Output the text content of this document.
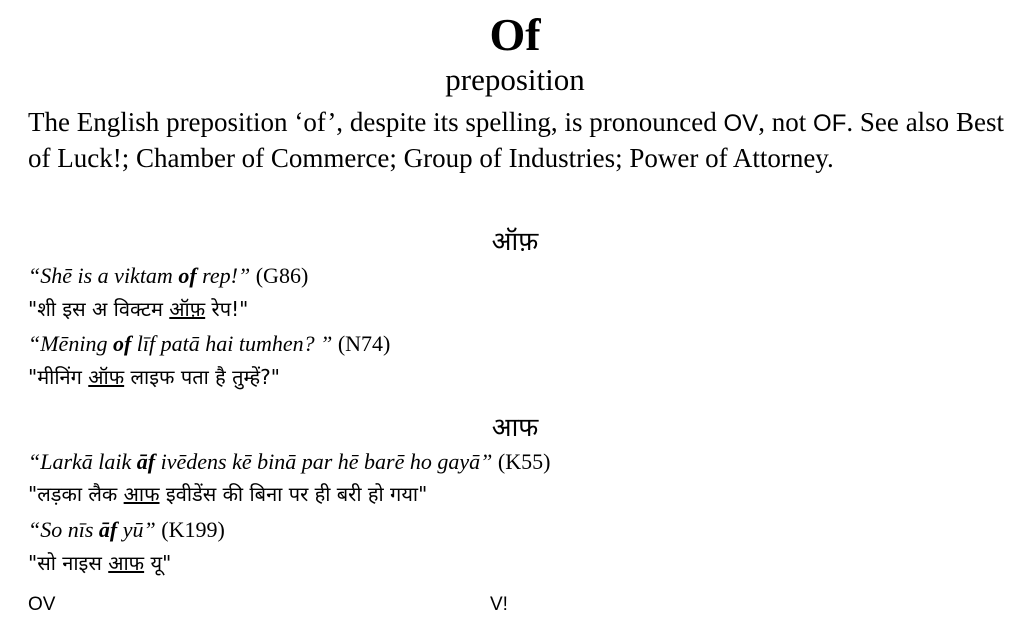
Of
preposition
The English preposition ‘of’, despite its spelling, is pronounced OV, not OF. See also Best of Luck!; Chamber of Commerce; Group of Industries; Power of Attorney.
ऑफ़
“Shē is a viktam of rep!” (G86)
"शी इस अ विक्टम ऑफ़ रेप!"
“Mēning of līf patā hai tumhen? ” (N74)
"मीनिंग ऑफ लाइफ पता है तुम्हें?"
आफ
“Larkā laik āf ivēdens kē binā par hē barē ho gayā” (K55)
"लड़का लैक आफ इवीडेंस की बिना पर ही बरी हो गया"
“So nīs āf yū” (K199)
"सो नाइस आफ यू"
OV	V!
